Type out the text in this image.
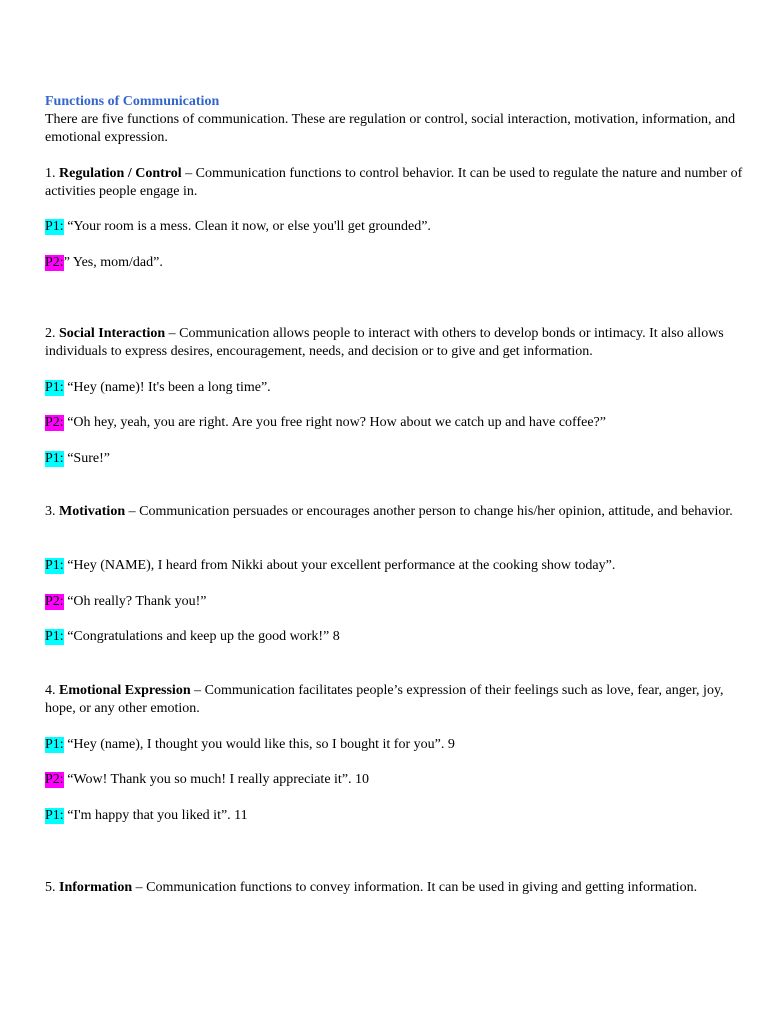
Functions of Communication
There are five functions of communication. These are regulation or control, social interaction, motivation, information, and emotional expression.
1. Regulation / Control – Communication functions to control behavior. It can be used to regulate the nature and number of activities people engage in.
P1: “Your room is a mess. Clean it now, or else you'll get grounded”.
P2:” Yes, mom/dad”.
2. Social Interaction – Communication allows people to interact with others to develop bonds or intimacy. It also allows individuals to express desires, encouragement, needs, and decision or to give and get information.
P1: “Hey (name)! It's been a long time”.
P2: “Oh hey, yeah, you are right. Are you free right now? How about we catch up and have coffee?”
P1: “Sure!”
3. Motivation – Communication persuades or encourages another person to change his/her opinion, attitude, and behavior.
P1: “Hey (NAME), I heard from Nikki about your excellent performance at the cooking show today”.
P2: “Oh really? Thank you!”
P1: “Congratulations and keep up the good work!” 8
4. Emotional Expression – Communication facilitates people’s expression of their feelings such as love, fear, anger, joy, hope, or any other emotion.
P1: “Hey (name), I thought you would like this, so I bought it for you”. 9
P2: “Wow! Thank you so much! I really appreciate it”. 10
P1: “I'm happy that you liked it”. 11
5. Information – Communication functions to convey information. It can be used in giving and getting information.
